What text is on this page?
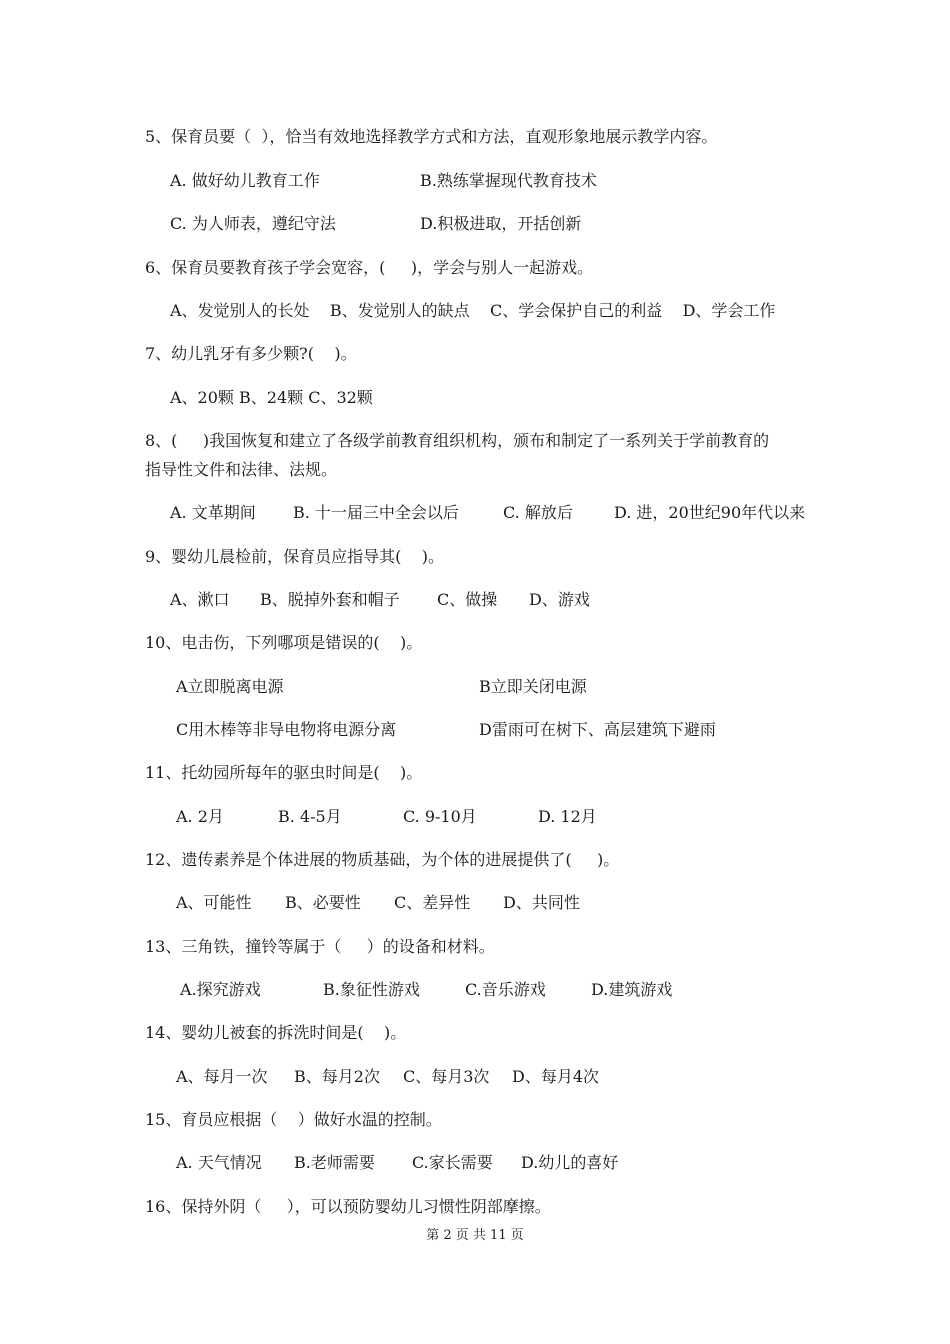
5、保育员要（  ），恰当有效地选择教学方式和方法，直观形象地展示教学内容。
A. 做好幼儿教育工作	B.熟练掌握现代教育技术
C. 为人师表，遵纪守法	D.积极进取，开括创新
6、保育员要教育孩子学会宽容，(     )，学会与别人一起游戏。
A、发觉别人的长处    B、发觉别人的缺点    C、学会保护自己的利益    D、学会工作
7、幼儿乳牙有多少颗?(    )。
A、20颗 B、24颗 C、32颗
8、(     )我国恢复和建立了各级学前教育组织机构，颁布和制定了一系列关于学前教育的
指导性文件和法律、法规。
A. 文革期间 B. 十一届三中全会以后	C. 解放后	D. 进，20世纪90年代以来
9、婴幼儿晨检前，保育员应指导其(    )。
A、漱口 B、脱掉外套和帽子 C、做操 D、游戏
10、电击伤，下列哪项是错误的(    )。
A立即脱离电源	B立即关闭电源
C用木棒等非导电物将电源分离	D雷雨可在树下、高层建筑下避雨
11、托幼园所每年的驱虫时间是(    )。
A. 2月	B. 4-5月	C. 9-10月	D. 12月
12、遗传素养是个体进展的物质基础，为个体的进展提供了(     )。
A、可能性 B、必要性 C、差异性 D、共同性
13、三角铁，撞铃等属于（     ）的设备和材料。
A.探究游戏	B.象征性游戏	C.音乐游戏	D.建筑游戏
14、婴幼儿被套的拆洗时间是(    )。
A、每月一次 B、每月2次 C、每月3次 D、每月4次
15、育员应根据（    ）做好水温的控制。
A. 天气情况 B.老师需要 C.家长需要 D.幼儿的喜好
16、保持外阴（     ），可以预防婴幼儿习惯性阴部摩擦。
第 2 页 共 11 页
